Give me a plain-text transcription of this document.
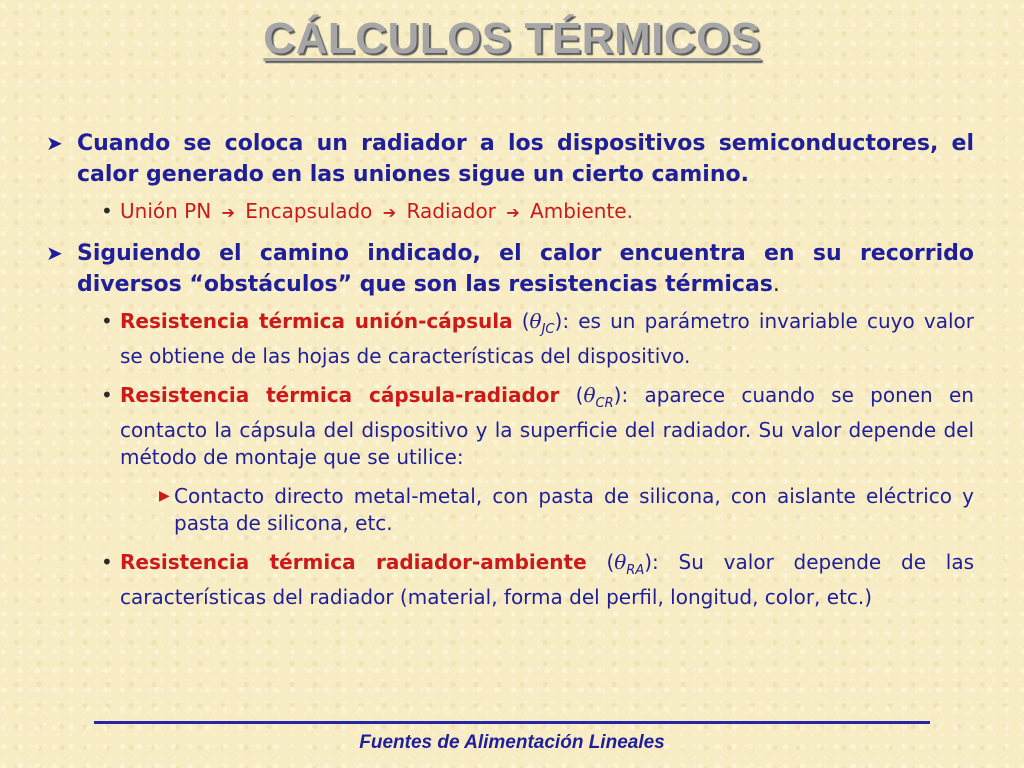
CÁLCULOS TÉRMICOS
➤ Cuando se coloca un radiador a los dispositivos semiconductores, el calor generado en las uniones sigue un cierto camino.
• Unión PN ➔ Encapsulado ➔ Radiador ➔ Ambiente.
➤ Siguiendo el camino indicado, el calor encuentra en su recorrido diversos “obstáculos” que son las resistencias térmicas.
• Resistencia térmica unión-cápsula $(\theta_{JC})$: es un parámetro invariable cuyo valor se obtiene de las hojas de características del dispositivo.
• Resistencia térmica cápsula-radiador $(\theta_{CR})$: aparece cuando se ponen en contacto la cápsula del dispositivo y la superficie del radiador. Su valor depende del método de montaje que se utilice:
▶ Contacto directo metal-metal, con pasta de silicona, con aislante eléctrico y pasta de silicona, etc.
• Resistencia térmica radiador-ambiente $(\theta_{RA})$: Su valor depende de las características del radiador (material, forma del perfil, longitud, color, etc.)
Fuentes de Alimentación Lineales
